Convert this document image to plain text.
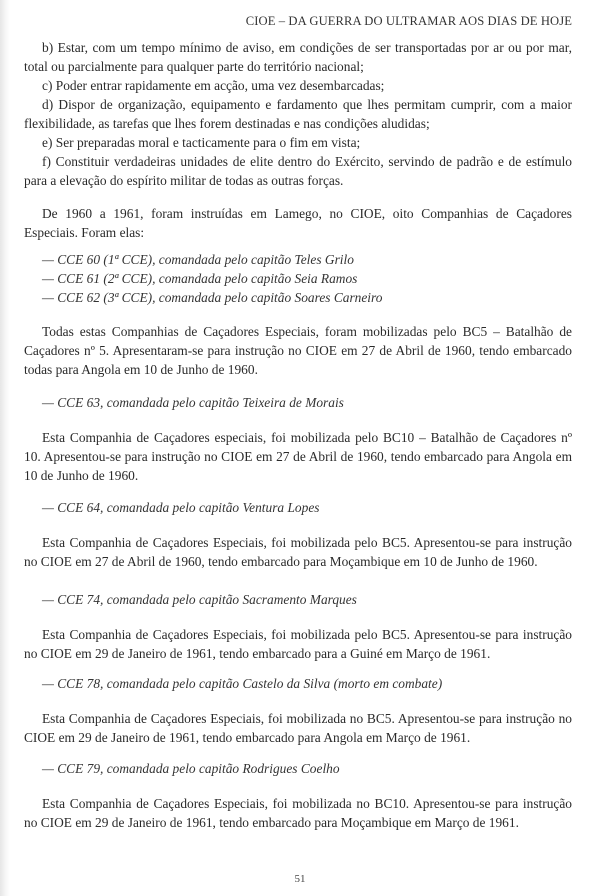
CIOE – DA GUERRA DO ULTRAMAR AOS DIAS DE HOJE

b) Estar, com um tempo mínimo de aviso, em condições de ser transportadas por ar ou por mar, total ou parcialmente para qualquer parte do território nacional;

c) Poder entrar rapidamente em acção, uma vez desembarcadas;

d) Dispor de organização, equipamento e fardamento que lhes permitam cumprir, com a maior flexibilidade, as tarefas que lhes forem destinadas e nas condições aludidas;

e) Ser preparadas moral e tacticamente para o fim em vista;

f) Constituir verdadeiras unidades de elite dentro do Exército, servindo de padrão e de estímulo para a elevação do espírito militar de todas as outras forças.

De 1960 a 1961, foram instruídas em Lamego, no CIOE, oito Companhias de Caçadores Especiais. Foram elas:

— CCE 60 (1ª CCE), comandada pelo capitão Teles Grilo
— CCE 61 (2ª CCE), comandada pelo capitão Seia Ramos
— CCE 62 (3ª CCE), comandada pelo capitão Soares Carneiro

Todas estas Companhias de Caçadores Especiais, foram mobilizadas pelo BC5 – Batalhão de Caçadores nº 5. Apresentaram-se para instrução no CIOE em 27 de Abril de 1960, tendo embarcado todas para Angola em 10 de Junho de 1960.

— CCE 63, comandada pelo capitão Teixeira de Morais

Esta Companhia de Caçadores especiais, foi mobilizada pelo BC10 – Batalhão de Caçadores nº 10. Apresentou-se para instrução no CIOE em 27 de Abril de 1960, tendo embarcado para Angola em 10 de Junho de 1960.

— CCE 64, comandada pelo capitão Ventura Lopes

Esta Companhia de Caçadores Especiais, foi mobilizada pelo BC5. Apresentou-se para instrução no CIOE em 27 de Abril de 1960, tendo embarcado para Moçambique em 10 de Junho de 1960.

— CCE 74, comandada pelo capitão Sacramento Marques

Esta Companhia de Caçadores Especiais, foi mobilizada pelo BC5. Apresentou-se para instrução no CIOE em 29 de Janeiro de 1961, tendo embarcado para a Guiné em Março de 1961.

— CCE 78, comandada pelo capitão Castelo da Silva (morto em combate)

Esta Companhia de Caçadores Especiais, foi mobilizada no BC5. Apresentou-se para instrução no CIOE em 29 de Janeiro de 1961, tendo embarcado para Angola em Março de 1961.

— CCE 79, comandada pelo capitão Rodrigues Coelho

Esta Companhia de Caçadores Especiais, foi mobilizada no BC10. Apresentou-se para instrução no CIOE em 29 de Janeiro de 1961, tendo embarcado para Moçambique em Março de 1961.

51
